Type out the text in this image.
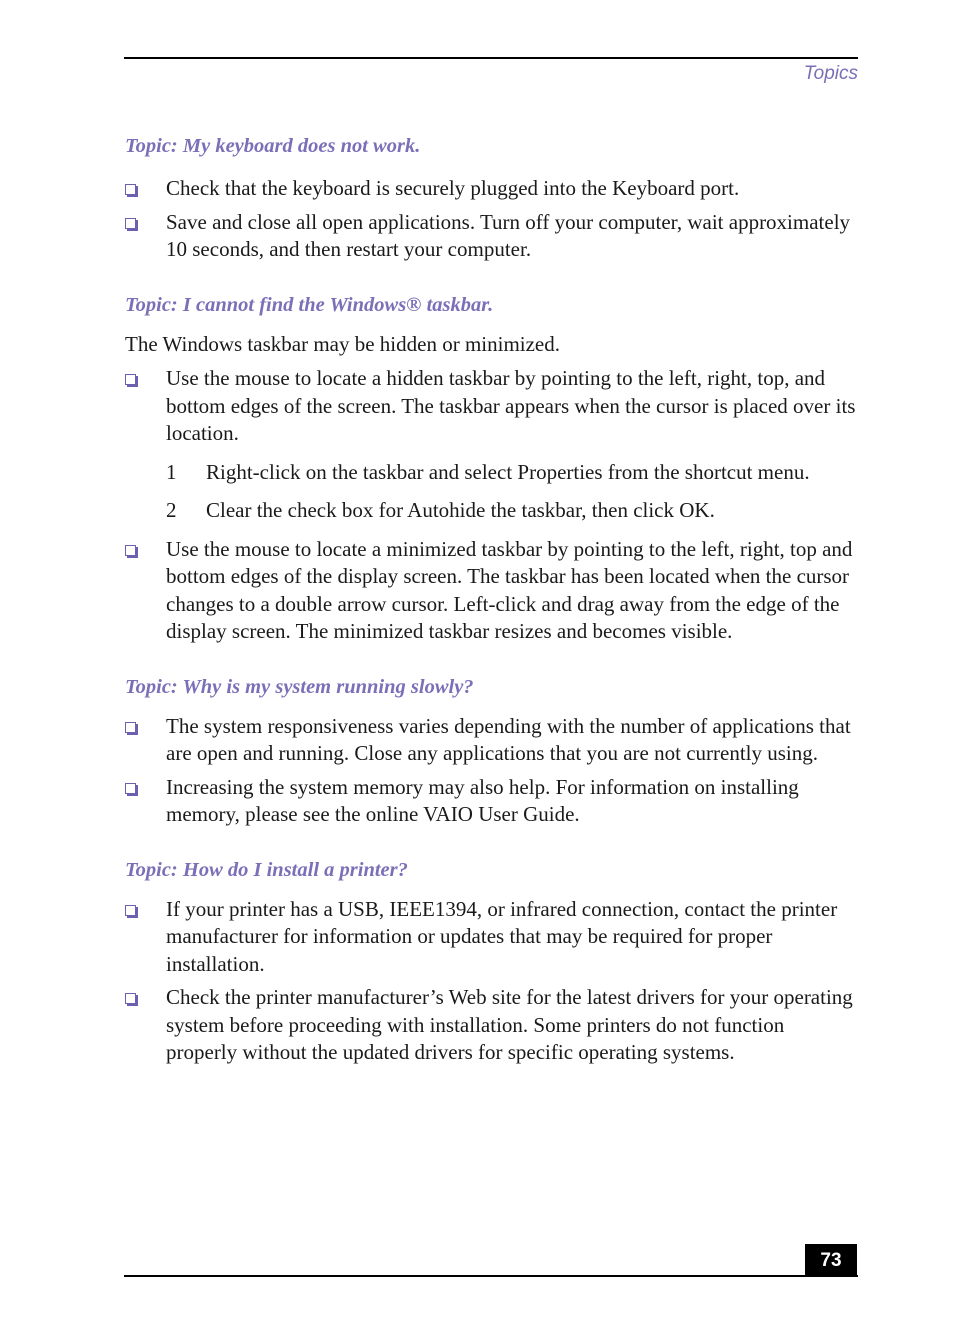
Topics

Topic: My keyboard does not work.

Check that the keyboard is securely plugged into the Keyboard port.
Save and close all open applications. Turn off your computer, wait approximately 10 seconds, and then restart your computer.

Topic: I cannot find the Windows® taskbar.

The Windows taskbar may be hidden or minimized.

Use the mouse to locate a hidden taskbar by pointing to the left, right, top, and bottom edges of the screen. The taskbar appears when the cursor is placed over its location.
1 Right-click on the taskbar and select Properties from the shortcut menu.
2 Clear the check box for Autohide the taskbar, then click OK.
Use the mouse to locate a minimized taskbar by pointing to the left, right, top and bottom edges of the display screen. The taskbar has been located when the cursor changes to a double arrow cursor. Left-click and drag away from the edge of the display screen. The minimized taskbar resizes and becomes visible.

Topic: Why is my system running slowly?

The system responsiveness varies depending with the number of applications that are open and running. Close any applications that you are not currently using.
Increasing the system memory may also help. For information on installing memory, please see the online VAIO User Guide.

Topic: How do I install a printer?

If your printer has a USB, IEEE1394, or infrared connection, contact the printer manufacturer for information or updates that may be required for proper installation.
Check the printer manufacturer’s Web site for the latest drivers for your operating system before proceeding with installation. Some printers do not function properly without the updated drivers for specific operating systems.
73
